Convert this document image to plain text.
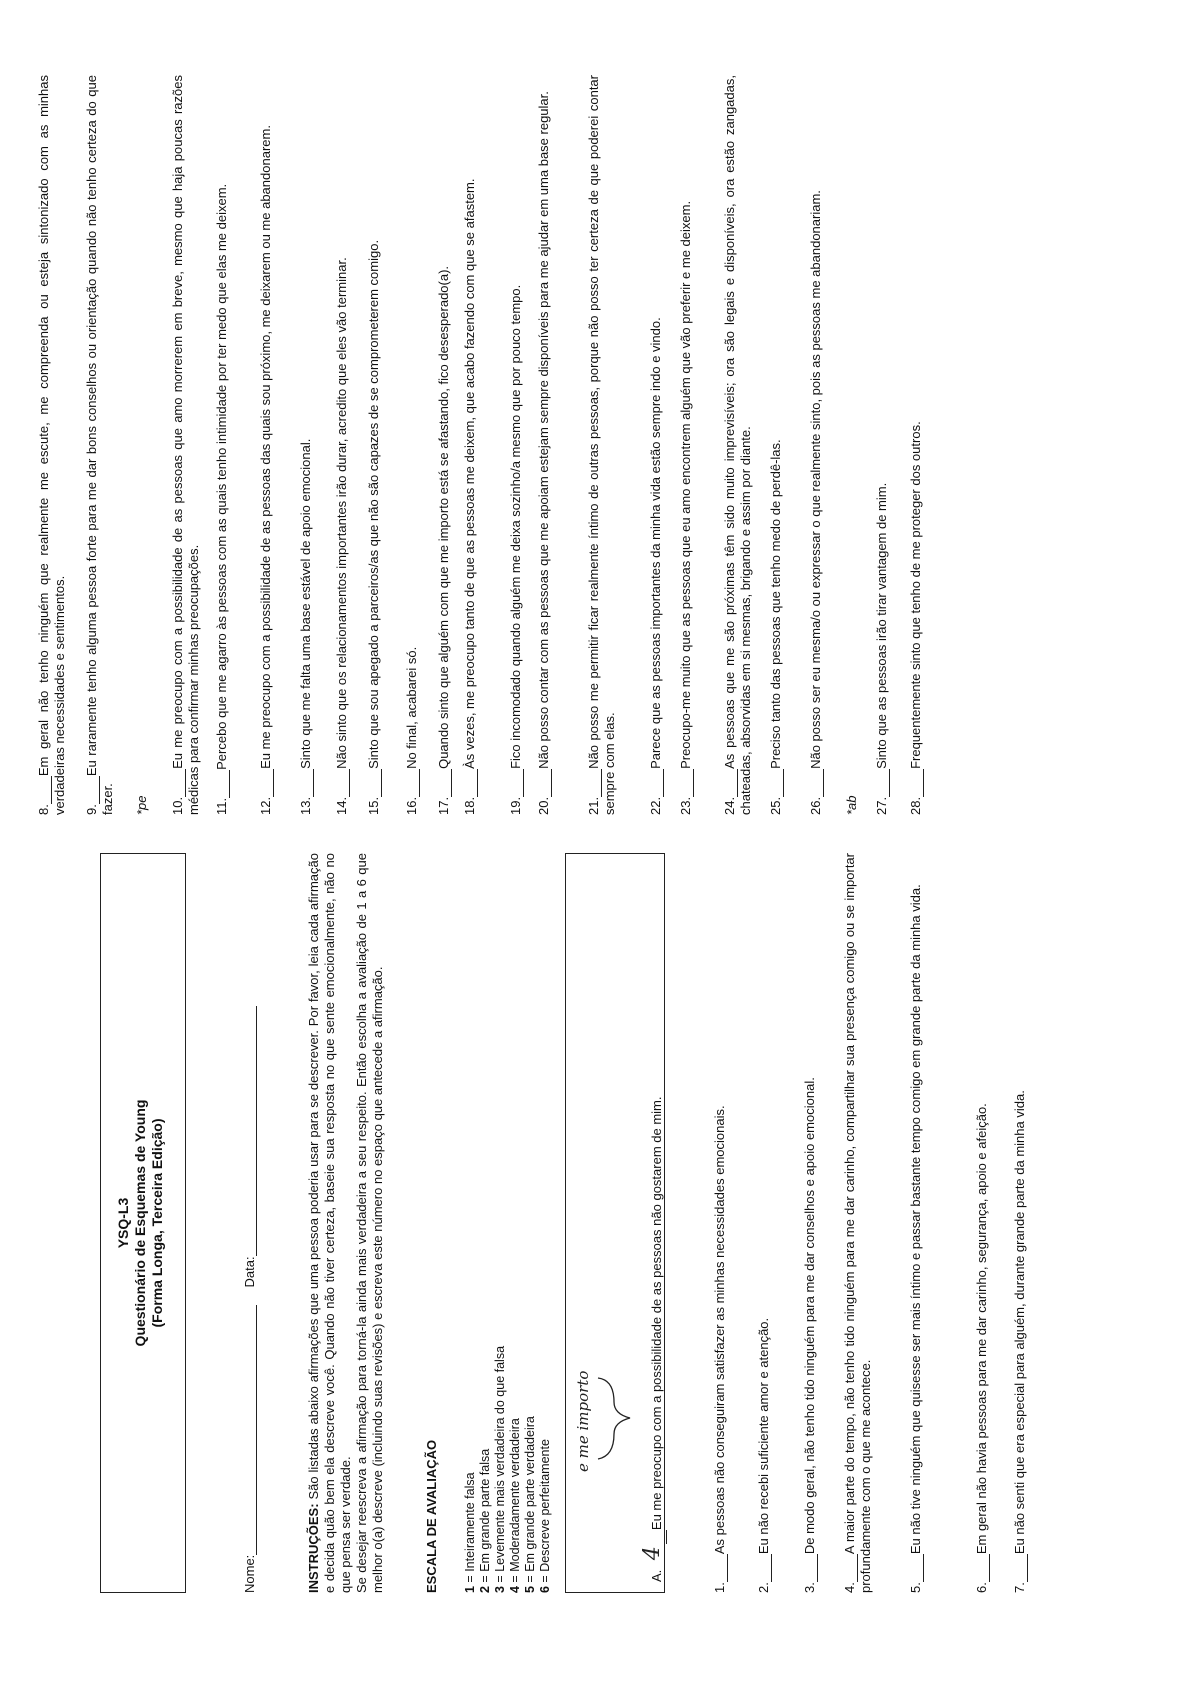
YSQ-L3 Questionário de Esquemas de Young (Forma Longa, Terceira Edição)
Nome:  Data:

INSTRUÇÕES: São listadas abaixo afirmações que uma pessoa poderia usar para se descrever. Por favor, leia cada afirmação e decida quão bem ela descreve você. Quando não tiver certeza, baseie sua resposta no que sente emocionalmente, não no que pensa ser verdade. Se desejar reescreva a afirmação para torná-la ainda mais verdadeira a seu respeito. Então escolha a avaliação de 1 a 6 que melhor o(a) descreve (incluindo suas revisões) e escreva este número no espaço que antecede a afirmação.	ESCALA DE AVALIAÇÃO 1 = Inteiramente falsa
2 = Em grande parte falsa
3 = Levemente mais verdadeira do que falsa
4 = Moderadamente verdadeira
5 = Em grande parte verdadeira
6 = Descreve perfeitamente
e me importo
A. 4Eu me preocupo com a possibilidade de as pessoas não gostarem de mim.
1.As pessoas não conseguiram satisfazer as minhas necessidades emocionais.
2.Eu não recebi suficiente amor e atenção.
3.De modo geral, não tenho tido ninguém para me dar conselhos e apoio emocional.
4.A maior parte do tempo, não tenho tido ninguém para me dar carinho, compartilhar sua presença comigo ou se importar profundamente com o que me acontece.	5.Eu não tive ninguém que quisesse ser mais íntimo e passar bastante tempo comigo em grande parte da minha vida.
6.Em geral não havia pessoas para me dar carinho, segurança, apoio e afeição.
7.Eu não senti que era especial para alguém, durante grande parte da minha vida.
8.Em geral não tenho ninguém que realmente me escute, me compreenda ou esteja sintonizado com as minhas verdadeiras necessidades e sentimentos. 9.Eu raramente tenho alguma pessoa forte para me dar bons conselhos ou orientação quando não tenho certeza do que fazer.	10.Eu me preocupo com a possibilidade de as pessoas que amo morrerem em breve, mesmo que haja poucas razões médicas para confirmar minhas preocupações. 11.Percebo que me agarro às pessoas com as quais tenho intimidade por ter medo que elas me deixem.
12.Eu me preocupo com a possibilidade de as pessoas das quais sou próximo, me deixarem ou me abandonarem.
13.Sinto que me falta uma base estável de apoio emocional.
14.Não sinto que os relacionamentos importantes irão durar, acredito que eles vão terminar.
15.Sinto que sou apegado a parceiros/as que não são capazes de se comprometerem comigo.
16.No final, acabarei só.
17.Quando sinto que alguém com que me importo está se afastando, fico desesperado(a).
18.Às vezes, me preocupo tanto de que as pessoas me deixem, que acabo fazendo com que se afastem.
19.Fico incomodado quando alguém me deixa sozinho/a mesmo que por pouco tempo.
20.Não posso contar com as pessoas que me apoiam estejam sempre disponíveis para me ajudar em uma base regular.
21.Não posso me permitir ficar realmente íntimo de outras pessoas, porque não posso ter certeza de que poderei contar sempre com elas. 22.Parece que as pessoas importantes da minha vida estão sempre indo e vindo.
23.Preocupo-me muito que as pessoas que eu amo encontrem alguém que vão preferir e me deixem.
24.As pessoas que me são próximas têm sido muito imprevisíveis; ora são legais e disponíveis, ora estão zangadas, chateadas, absorvidas em si mesmas, brigando e assim por diante. 25.Preciso tanto das pessoas que tenho medo de perdê-las.
26.Não posso ser eu mesma/o ou expressar o que realmente sinto, pois as pessoas me abandonariam.
27.Sinto que as pessoas irão tirar vantagem de mim.
28.Frequentemente sinto que tenho de me proteger dos outros.
*pe	*ab
